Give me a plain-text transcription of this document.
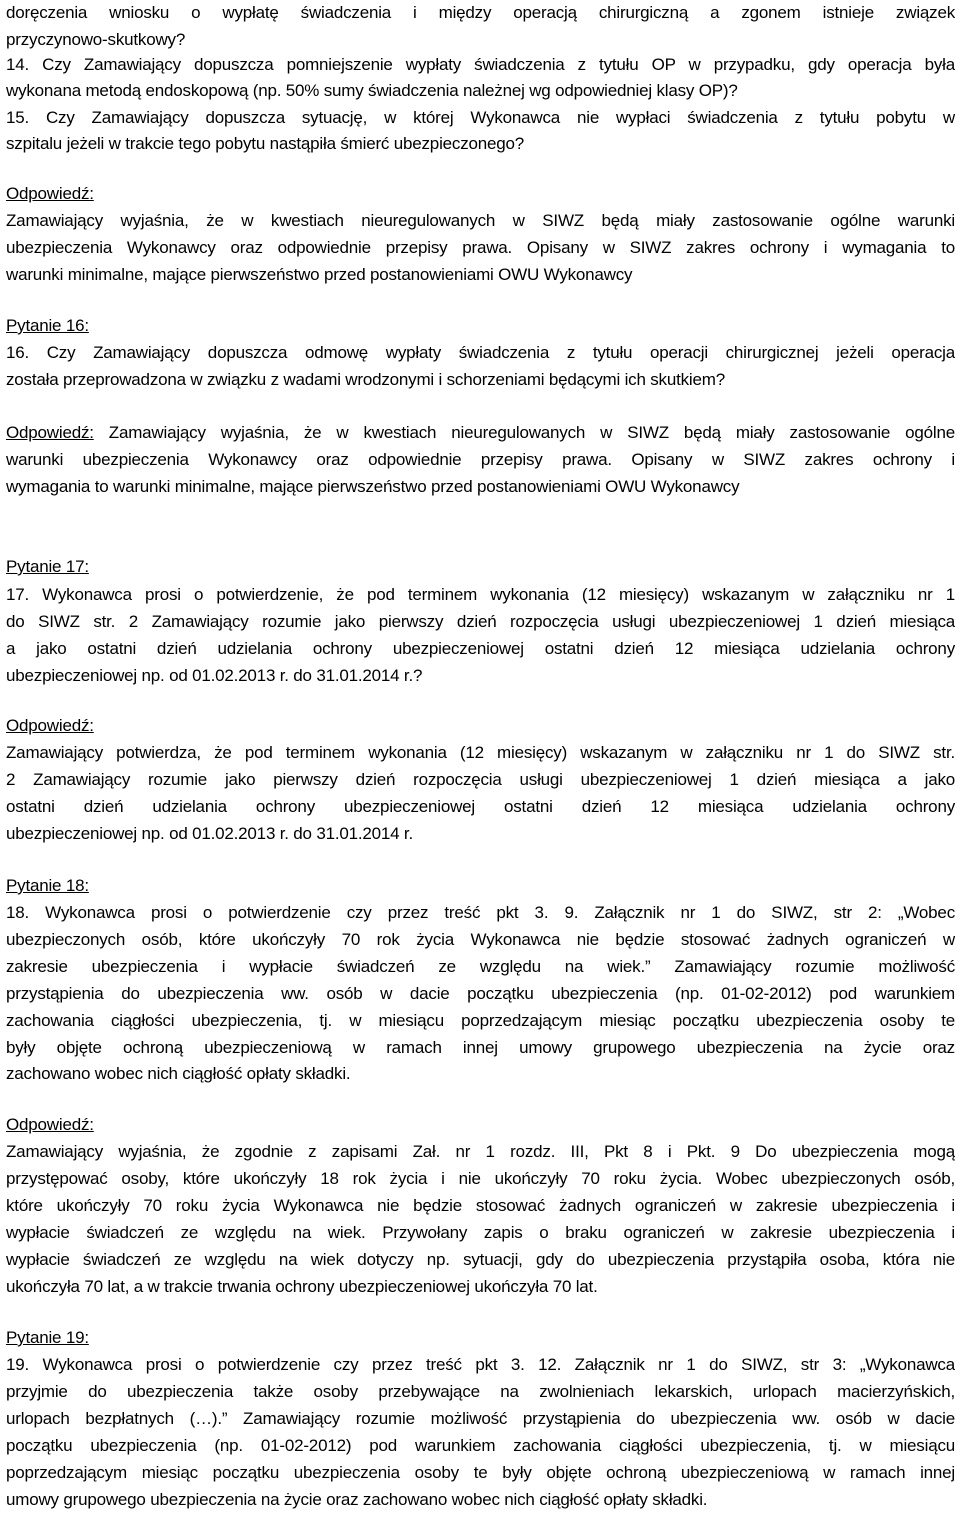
doręczenia wniosku o wypłatę świadczenia i między operacją chirurgiczną a zgonem istnieje związek
przyczynowo-skutkowy?
14. Czy Zamawiający dopuszcza pomniejszenie wypłaty świadczenia z tytułu OP w przypadku, gdy operacja była
wykonana metodą endoskopową (np. 50% sumy świadczenia należnej wg odpowiedniej klasy OP)?
15. Czy Zamawiający dopuszcza sytuację, w której Wykonawca nie wypłaci świadczenia z tytułu pobytu w
szpitalu jeżeli w trakcie tego pobytu nastąpiła śmierć ubezpieczonego?
Odpowiedź:
Zamawiający wyjaśnia, że w kwestiach nieuregulowanych w SIWZ będą miały zastosowanie ogólne warunki
ubezpieczenia Wykonawcy oraz odpowiednie przepisy prawa. Opisany w SIWZ zakres ochrony i wymagania to
warunki minimalne, mające pierwszeństwo przed postanowieniami OWU Wykonawcy
Pytanie 16:
16. Czy Zamawiający dopuszcza odmowę wypłaty świadczenia z tytułu operacji chirurgicznej jeżeli operacja
została przeprowadzona w związku z wadami wrodzonymi i schorzeniami będącymi ich skutkiem?
Odpowiedź: Zamawiający wyjaśnia, że w kwestiach nieuregulowanych w SIWZ będą miały zastosowanie ogólne
warunki ubezpieczenia Wykonawcy oraz odpowiednie przepisy prawa. Opisany w SIWZ zakres ochrony i
wymagania to warunki minimalne, mające pierwszeństwo przed postanowieniami OWU Wykonawcy
Pytanie 17:
17. Wykonawca prosi o potwierdzenie, że pod terminem wykonania (12 miesięcy) wskazanym w załączniku nr 1
do SIWZ str. 2 Zamawiający rozumie jako pierwszy dzień rozpoczęcia usługi ubezpieczeniowej 1 dzień miesiąca
a jako ostatni dzień udzielania ochrony ubezpieczeniowej ostatni dzień 12 miesiąca udzielania ochrony
ubezpieczeniowej np. od 01.02.2013 r. do 31.01.2014 r.?
Odpowiedź:
Zamawiający potwierdza, że pod terminem wykonania (12 miesięcy) wskazanym w załączniku nr 1 do SIWZ str.
2 Zamawiający rozumie jako pierwszy dzień rozpoczęcia usługi ubezpieczeniowej 1 dzień miesiąca a jako
ostatni dzień udzielania ochrony ubezpieczeniowej ostatni dzień 12 miesiąca udzielania ochrony
ubezpieczeniowej np. od 01.02.2013 r. do 31.01.2014 r.
Pytanie 18:
18. Wykonawca prosi o potwierdzenie czy przez treść pkt 3. 9. Załącznik nr 1 do SIWZ, str 2: „Wobec
ubezpieczonych osób, które ukończyły 70 rok życia Wykonawca nie będzie stosować żadnych ograniczeń w
zakresie ubezpieczenia i wypłacie świadczeń ze względu na wiek.” Zamawiający rozumie możliwość
przystąpienia do ubezpieczenia ww. osób w dacie początku ubezpieczenia (np. 01-02-2012) pod warunkiem
zachowania ciągłości ubezpieczenia, tj. w miesiącu poprzedzającym miesiąc początku ubezpieczenia osoby te
były objęte ochroną ubezpieczeniową w ramach innej umowy grupowego ubezpieczenia na życie oraz
zachowano wobec nich ciągłość opłaty składki.
Odpowiedź:
Zamawiający wyjaśnia, że zgodnie z zapisami Zał. nr 1 rozdz. III, Pkt 8 i Pkt. 9 Do ubezpieczenia mogą
przystępować osoby, które ukończyły 18 rok życia i nie ukończyły 70 roku życia. Wobec ubezpieczonych osób,
które ukończyły 70 roku życia Wykonawca nie będzie stosować żadnych ograniczeń w zakresie ubezpieczenia i
wypłacie świadczeń ze względu na wiek. Przywołany zapis o braku ograniczeń w zakresie ubezpieczenia i
wypłacie świadczeń ze względu na wiek dotyczy np. sytuacji, gdy do ubezpieczenia przystąpiła osoba, która nie
ukończyła 70 lat, a w trakcie trwania ochrony ubezpieczeniowej ukończyła 70 lat.
Pytanie 19:
19. Wykonawca prosi o potwierdzenie czy przez treść pkt 3. 12. Załącznik nr 1 do SIWZ, str 3: „Wykonawca
przyjmie do ubezpieczenia także osoby przebywające na zwolnieniach lekarskich, urlopach macierzyńskich,
urlopach bezpłatnych (…).” Zamawiający rozumie możliwość przystąpienia do ubezpieczenia ww. osób w dacie
początku ubezpieczenia (np. 01-02-2012) pod warunkiem zachowania ciągłości ubezpieczenia, tj. w miesiącu
poprzedzającym miesiąc początku ubezpieczenia osoby te były objęte ochroną ubezpieczeniową w ramach innej
umowy grupowego ubezpieczenia na życie oraz zachowano wobec nich ciągłość opłaty składki.
